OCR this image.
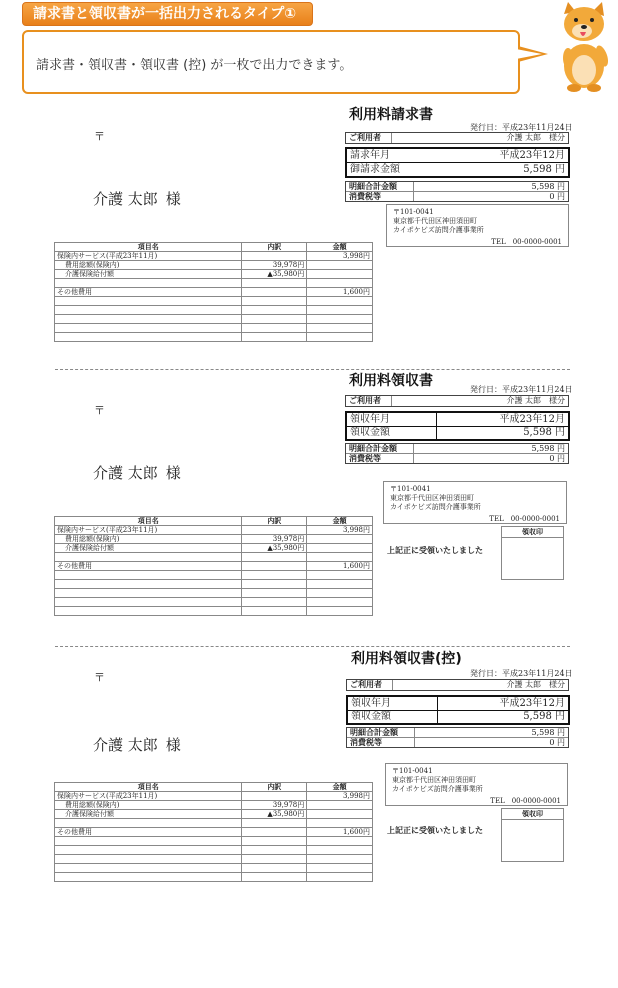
請求書と領収書が一括出力されるタイプ①
請求書・領収書・領収書 (控) が一枚で出力できます。
利用料請求書
発行日：平成23年11月24日
〒
介護 太郎 様
ご利用者	介護 太郎　様分
請求年月	平成23年12月
御請求金額	5,598 円
明細合計金額	5,598 円
消費税等	0 円
〒101-0041
東京都千代田区神田須田町
カイポケビズ訪問介護事業所
TEL　00-0000-0001
項目名	内訳	金額
保険内サービス(平成23年11月)		3,998円
費用総額(保険内)	39,978円	
介護保険給付額	▲35,980円	

その他費用		1,600円

利用料領収書
発行日：平成23年11月24日
〒
介護 太郎 様
ご利用者	介護 太郎　様分
領収年月	平成23年12月
領収金額	5,598 円
明細合計金額	5,598 円
消費税等	0 円
〒101-0041
東京都千代田区神田須田町
カイポケビズ訪問介護事業所
TEL　00-0000-0001
上記正に受領いたしました
領収印
項目名	内訳	金額
保険内サービス(平成23年11月)		3,998円
費用総額(保険内)	39,978円	
介護保険給付額	▲35,980円	

その他費用		1,600円

利用料領収書(控)
発行日：平成23年11月24日
〒
介護 太郎 様
ご利用者	介護 太郎　様分
領収年月	平成23年12月
領収金額	5,598 円
明細合計金額	5,598 円
消費税等	0 円
〒101-0041
東京都千代田区神田須田町
カイポケビズ訪問介護事業所
TEL　00-0000-0001
上記正に受領いたしました
領収印
項目名	内訳	金額
保険内サービス(平成23年11月)		3,998円
費用総額(保険内)	39,978円	
介護保険給付額	▲35,980円	

その他費用		1,600円
